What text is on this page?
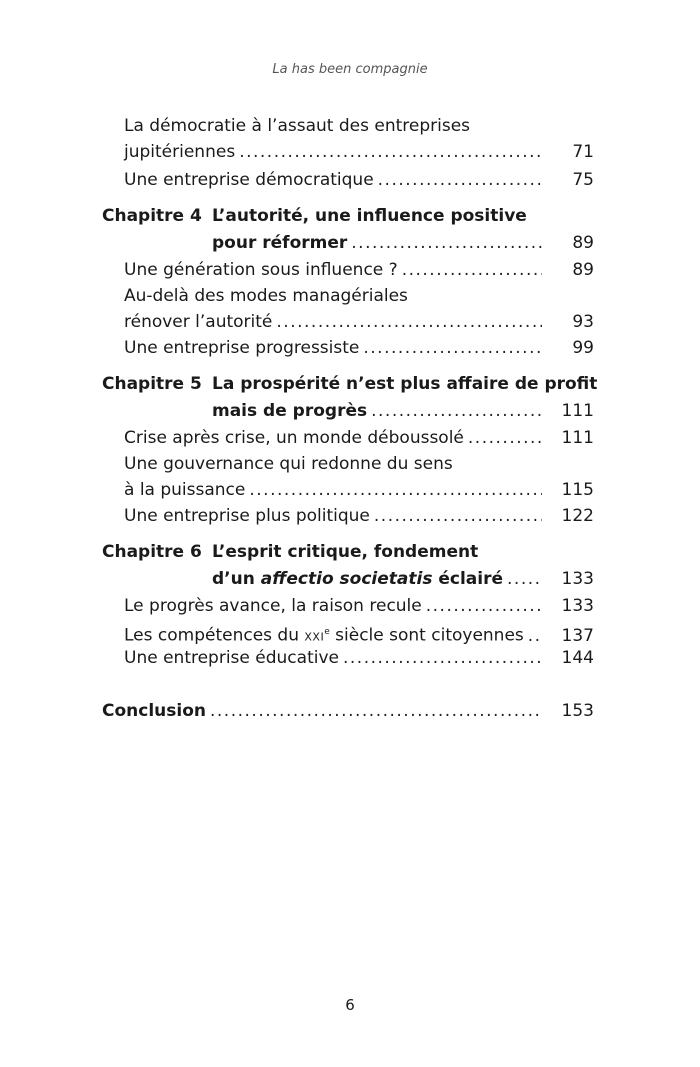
La has been compagnie
La démocratie à l’assaut des entreprises
jupitériennes .....	71
Une entreprise démocratique .....	75
Chapitre 4 L’autorité, une influence positive
pour réformer .....	89
Une génération sous influence ? .....	89
Au-delà des modes managériales
rénover l’autorité .....	93
Une entreprise progressiste .....	99
Chapitre 5 La prospérité n’est plus affaire de profit
mais de progrès .....	111
Crise après crise, un monde déboussolé .....	111
Une gouvernance qui redonne du sens
à la puissance .....	115
Une entreprise plus politique .....	122
Chapitre 6 L’esprit critique, fondement
d’un affectio societatis éclairé .....	133
Le progrès avance, la raison recule .....	133
Les compétences du XXIe siècle sont citoyennes .....	137
Une entreprise éducative .....	144
Conclusion .....	153
6
